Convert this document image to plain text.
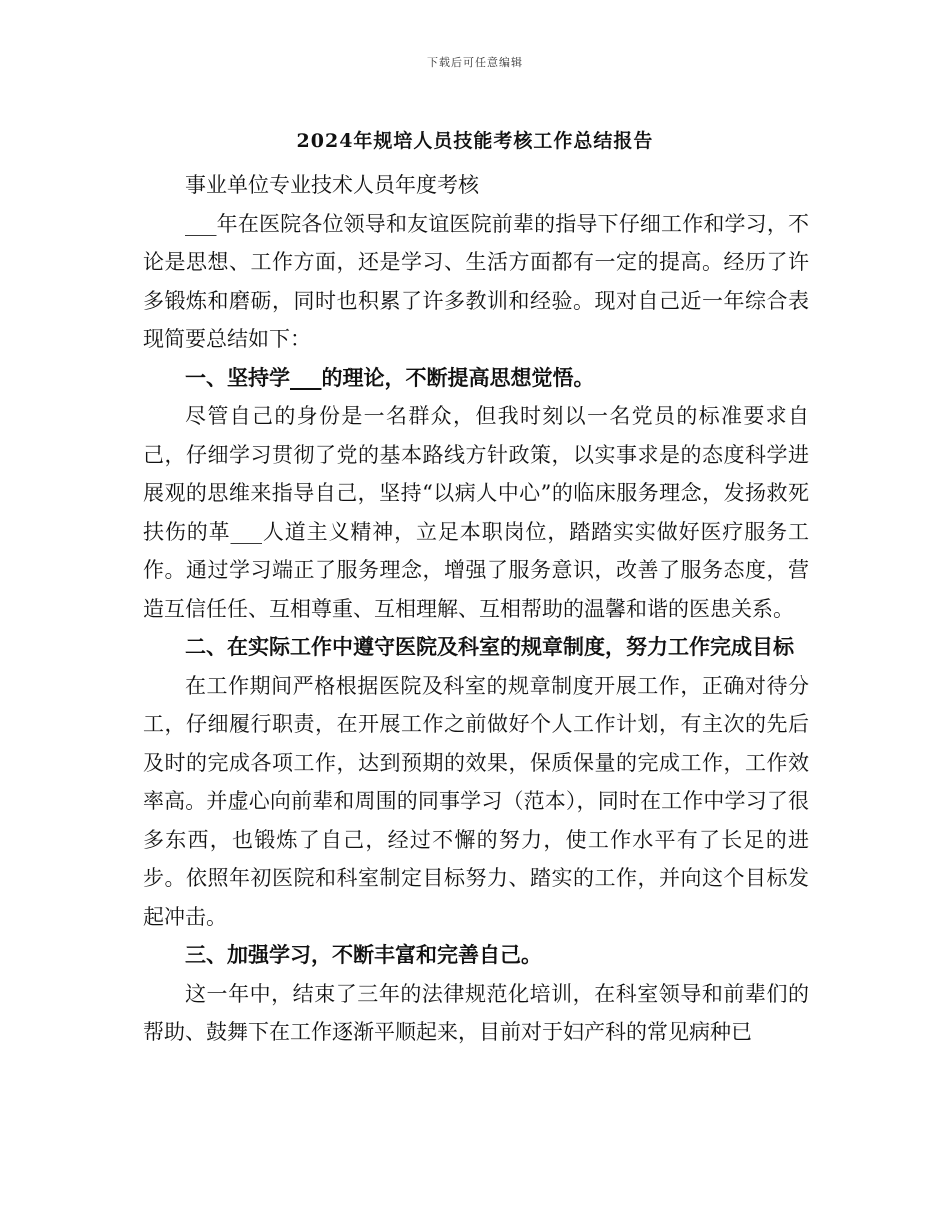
下载后可任意编辑
2024年规培人员技能考核工作总结报告

事业单位专业技术人员年度考核

___年在医院各位领导和友谊医院前辈的指导下仔细工作和学习，不论是思想、工作方面，还是学习、生活方面都有一定的提高。经历了许多锻炼和磨砺，同时也积累了许多教训和经验。现对自己近一年综合表现简要总结如下：

一、坚持学___的理论，不断提高思想觉悟。

尽管自己的身份是一名群众，但我时刻以一名党员的标准要求自己，仔细学习贯彻了党的基本路线方针政策，以实事求是的态度科学进展观的思维来指导自己，坚持“以病人中心”的临床服务理念，发扬救死扶伤的革___人道主义精神，立足本职岗位，踏踏实实做好医疗服务工作。通过学习端正了服务理念，增强了服务意识，改善了服务态度，营造互信任任、互相尊重、互相理解、互相帮助的温馨和谐的医患关系。

二、在实际工作中遵守医院及科室的规章制度，努力工作完成目标

在工作期间严格根据医院及科室的规章制度开展工作，正确对待分工，仔细履行职责，在开展工作之前做好个人工作计划，有主次的先后及时的完成各项工作，达到预期的效果，保质保量的完成工作，工作效率高。并虚心向前辈和周围的同事学习（范本），同时在工作中学习了很多东西，也锻炼了自己，经过不懈的努力，使工作水平有了长足的进步。依照年初医院和科室制定目标努力、踏实的工作，并向这个目标发起冲击。

三、加强学习，不断丰富和完善自己。

这一年中，结束了三年的法律规范化培训，在科室领导和前辈们的帮助、鼓舞下在工作逐渐平顺起来，目前对于妇产科的常见病种已
